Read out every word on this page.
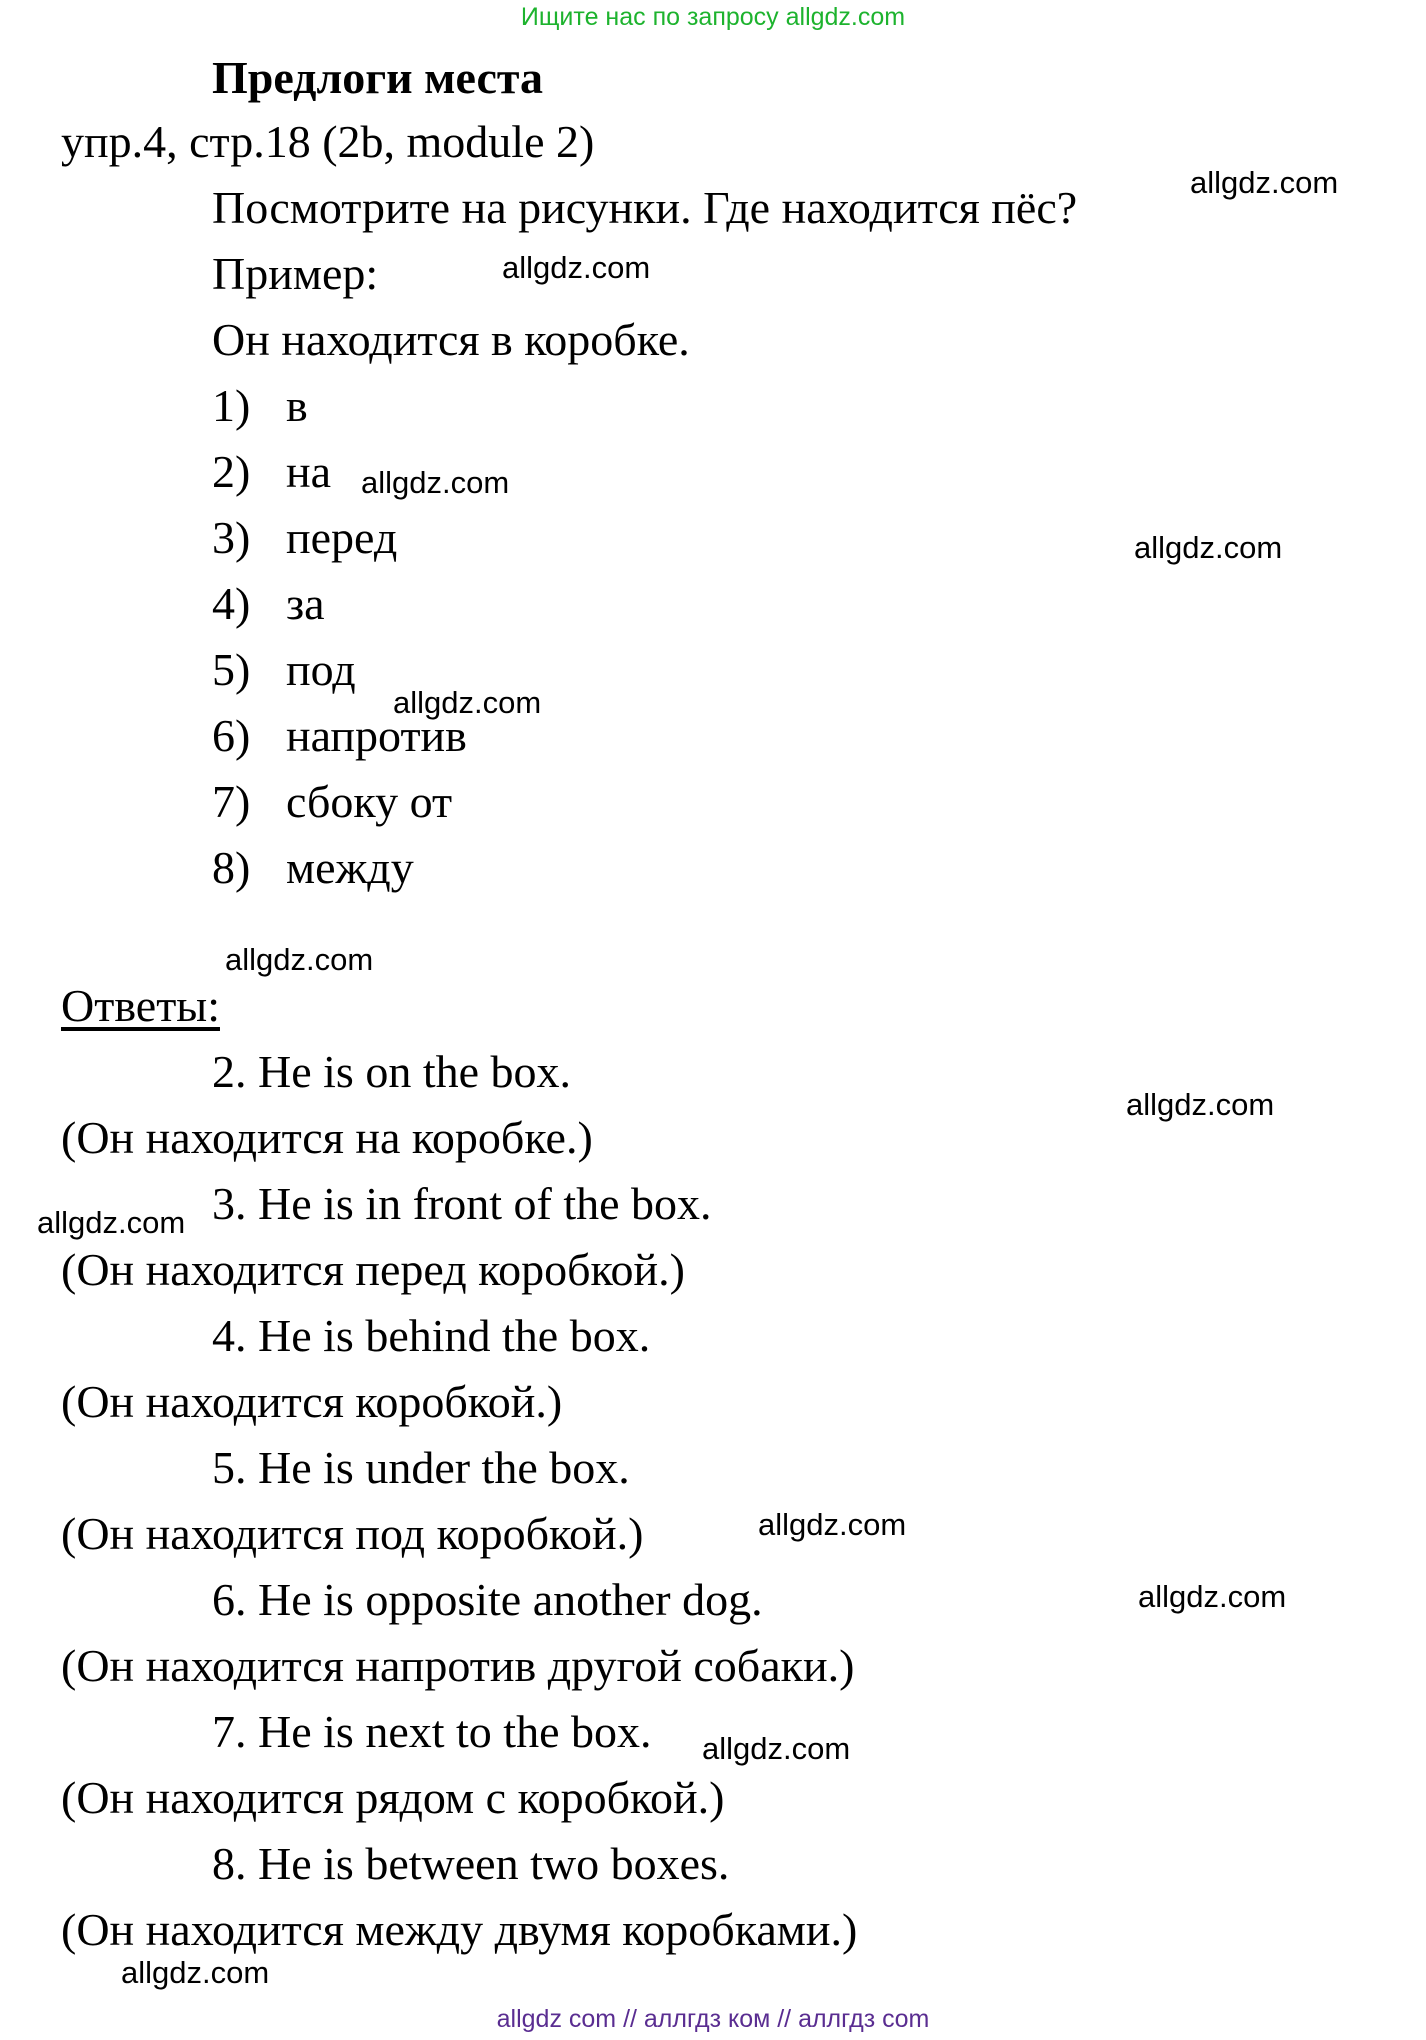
Ищите нас по запросу allgdz.com
Предлоги места
упр.4, стр.18 (2b, module 2)
Посмотрите на рисунки. Где находится пёс?
Пример:
Он находится в коробке.
1) в
2) на
3) перед
4) за
5) под
6) напротив
7) сбоку от
8) между
Ответы:
2. He is on the box.
(Он находится на коробке.)
3. He is in front of the box.
(Он находится перед коробкой.)
4. He is behind the box.
(Он находится коробкой.)
5. He is under the box.
(Он находится под коробкой.)
6. He is opposite another dog.
(Он находится напротив другой собаки.)
7. He is next to the box.
(Он находится рядом с коробкой.)
8. He is between two boxes.
(Он находится между двумя коробками.)
allgdz.com
allgdz.com
allgdz.com
allgdz.com
allgdz.com
allgdz.com
allgdz.com
allgdz.com
allgdz.com
allgdz.com
allgdz.com
allgdz.com
allgdz com // аллгдз ком // аллгдз com
